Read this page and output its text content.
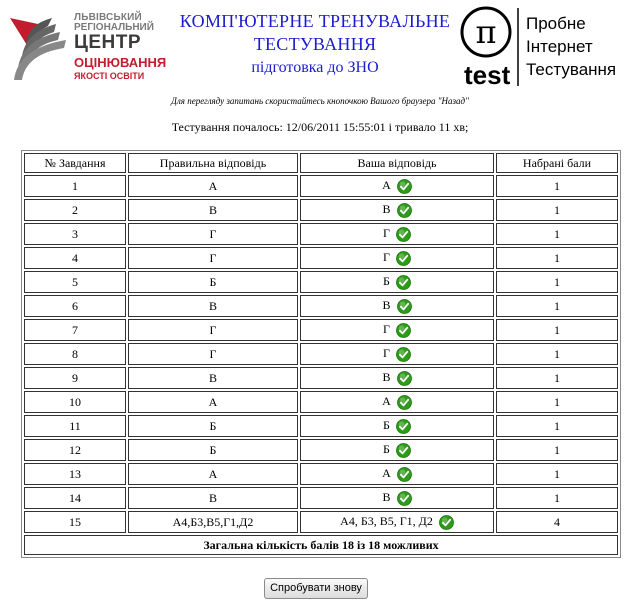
ЛЬВІВСЬКИЙ
РЕГІОНАЛЬНИЙ
ЦЕНТР
ОЦІНЮВАННЯ
ЯКОСТІ ОСВІТИ
КОМП'ЮТЕРНЕ ТРЕНУВАЛЬНЕ
ТЕСТУВАННЯ
підготовка до ЗНО
π
test
Пробне
Інтернет
Тестування
Для перегляду запитань скористайтесь кнопочкою Вашого браузера "Назад"
Тестування почалось: 12/06/2011 15:55:01 і тривало 11 хв;
№ Завдання	Правильна відповідь	Ваша відповідь	Набрані бали
1	А	А	1
2	В	В	1
3	Г	Г	1
4	Г	Г	1
5	Б	Б	1
6	В	В	1
7	Г	Г	1
8	Г	Г	1
9	В	В	1
10	А	А	1
11	Б	Б	1
12	Б	Б	1
13	А	А	1
14	В	В	1
15	А4,Б3,В5,Г1,Д2	А4, Б3, В5, Г1, Д2	4
Загальна кількість балів 18 із 18 можливих			
Спробувати знову
